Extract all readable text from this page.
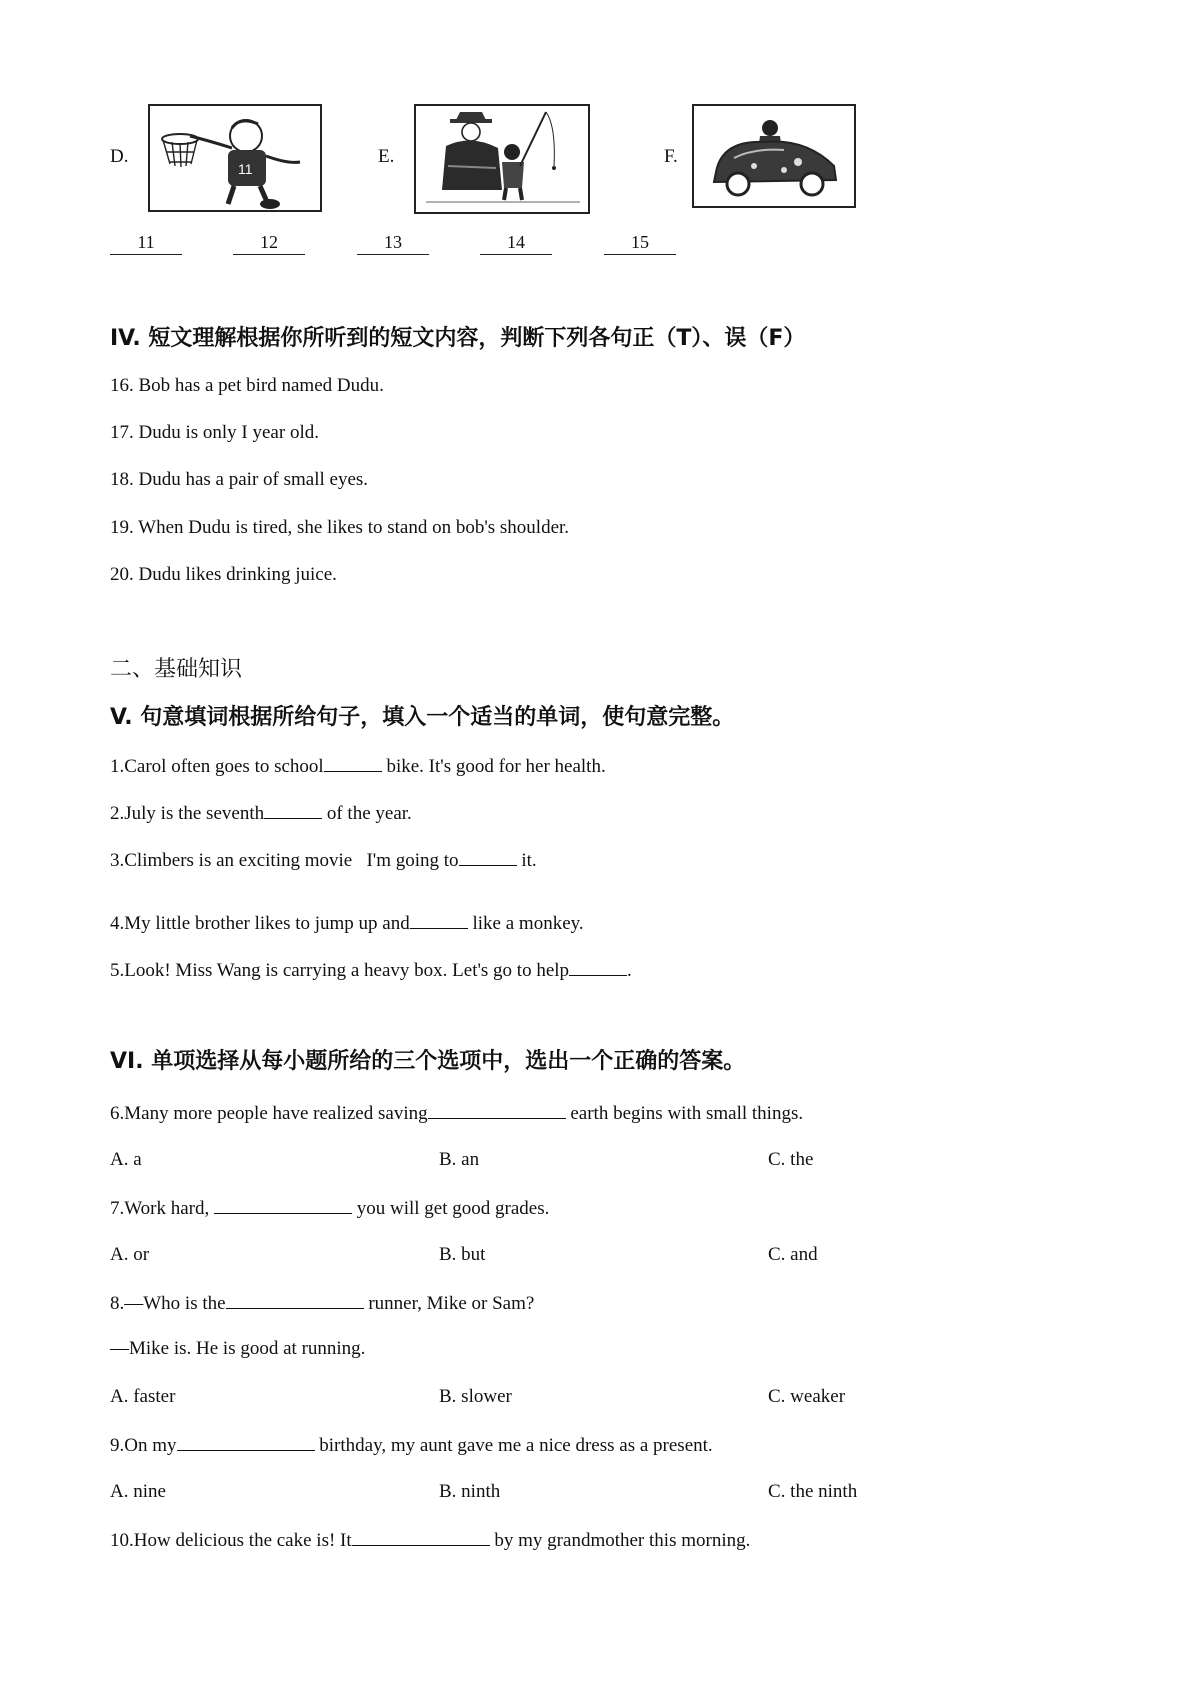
D.
11
E.	F.
11	12	13	14	15
IV. 短文理解根据你所听到的短文内容，判断下列各句正（T）、误（F）
16. Bob has a pet bird named Dudu.
17. Dudu is only I year old.
18. Dudu has a pair of small eyes.
19. When Dudu is tired, she likes to stand on bob's shoulder.
20. Dudu likes drinking juice.
二、基础知识
V. 句意填词根据所给句子，填入一个适当的单词，使句意完整。
1.Carol often goes to school	bike. It's good for her health.
2.July is the seventh	of the year.
3.Climbers is an exciting movie   I'm going to	it.
4.My little brother likes to jump up and	like a monkey.
5.Look! Miss Wang is carrying a heavy box. Let's go to help	.
VI. 单项选择从每小题所给的三个选项中，选出一个正确的答案。
6.Many more people have realized saving	earth begins with small things.
A. a	B. an	C. the
7.Work hard,	you will get good grades.
A. or	B. but	C. and
8.—Who is the	runner, Mike or Sam?
—Mike is. He is good at running.
A. faster	B. slower	C. weaker
9.On my	birthday, my aunt gave me a nice dress as a present.
A. nine	B. ninth	C. the ninth
10.How delicious the cake is! It	by my grandmother this morning.
